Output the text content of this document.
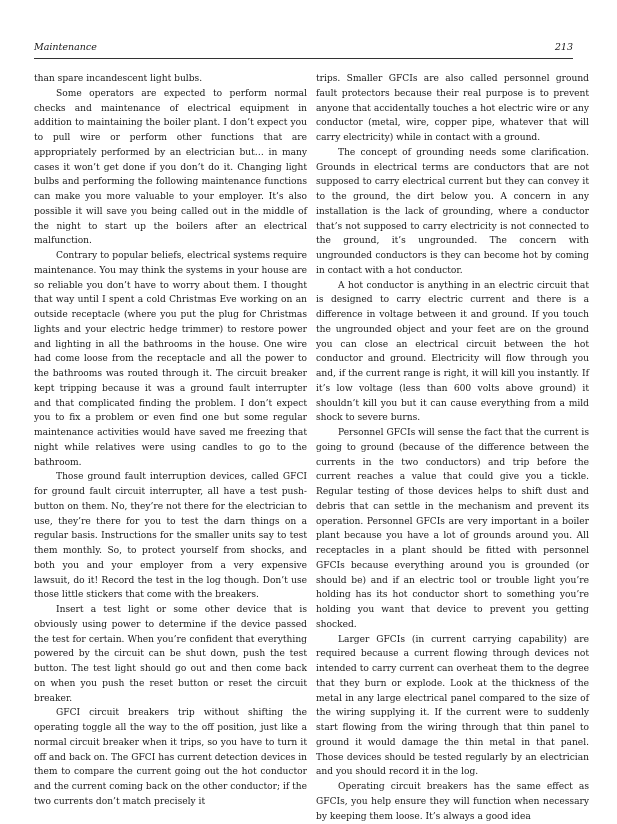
Maintenance	213

than spare incandescent light bulbs.

Some operators are expected to perform normal checks and maintenance of electrical equipment in addition to maintaining the boiler plant. I don’t expect you to pull wire or perform other functions that are appropriately performed by an electrician but… in many cases it won’t get done if you don’t do it. Changing light bulbs and performing the following maintenance functions can make you more valuable to your employer. It’s also possible it will save you being called out in the middle of the night to start up the boilers after an electrical malfunction.

Contrary to popular beliefs, electrical systems require maintenance. You may think the systems in your house are so reliable you don’t have to worry about them. I thought that way until I spent a cold Christmas Eve working on an outside receptacle (where you put the plug for Christmas lights and your electric hedge trimmer) to restore power and lighting in all the bathrooms in the house. One wire had come loose from the receptacle and all the power to the bathrooms was routed through it. The circuit breaker kept tripping because it was a ground fault interrupter and that complicated finding the problem. I don’t expect you to fix a problem or even find one but some regular maintenance activities would have saved me freezing that night while relatives were using candles to go to the bathroom.

Those ground fault interruption devices, called GFCI for ground fault circuit interrupter, all have a test push-button on them. No, they’re not there for the electrician to use, they’re there for you to test the darn things on a regular basis. Instructions for the smaller units say to test them monthly. So, to protect yourself from shocks, and both you and your employer from a very expensive lawsuit, do it! Record the test in the log though. Don’t use those little stickers that come with the breakers.

Insert a test light or some other device that is obviously using power to determine if the device passed the test for certain. When you’re confident that everything powered by the circuit can be shut down, push the test button. The test light should go out and then come back on when you push the reset button or reset the circuit breaker.

GFCI circuit breakers trip without shifting the operating toggle all the way to the off position, just like a normal circuit breaker when it trips, so you have to turn it off and back on. The GFCI has current detection devices in them to compare the current going out the hot conductor and the current coming back on the other conductor; if the two currents don’t match precisely it

trips. Smaller GFCIs are also called personnel ground fault protectors because their real purpose is to prevent anyone that accidentally touches a hot electric wire or any conductor (metal, wire, copper pipe, whatever that will carry electricity) while in contact with a ground.

The concept of grounding needs some clarification. Grounds in electrical terms are conductors that are not supposed to carry electrical current but they can convey it to the ground, the dirt below you. A concern in any installation is the lack of grounding, where a conductor that’s not supposed to carry electricity is not connected to the ground, it’s ungrounded. The concern with ungrounded conductors is they can become hot by coming in contact with a hot conductor.

A hot conductor is anything in an electric circuit that is designed to carry electric current and there is a difference in voltage between it and ground. If you touch the ungrounded object and your feet are on the ground you can close an electrical circuit between the hot conductor and ground. Electricity will flow through you and, if the current range is right, it will kill you instantly. If it’s low voltage (less than 600 volts above ground) it shouldn’t kill you but it can cause everything from a mild shock to severe burns.

Personnel GFCIs will sense the fact that the current is going to ground (because of the difference between the currents in the two conductors) and trip before the current reaches a value that could give you a tickle. Regular testing of those devices helps to shift dust and debris that can settle in the mechanism and prevent its operation. Personnel GFCIs are very important in a boiler plant because you have a lot of grounds around you. All receptacles in a plant should be fitted with personnel GFCIs because everything around you is grounded (or should be) and if an electric tool or trouble light you’re holding has its hot conductor short to something you’re holding you want that device to prevent you getting shocked.

Larger GFCIs (in current carrying capability) are required because a current flowing through devices not intended to carry current can overheat them to the degree that they burn or explode. Look at the thickness of the metal in any large electrical panel compared to the size of the wiring supplying it. If the current were to suddenly start flowing from the wiring through that thin panel to ground it would damage the thin metal in that panel. Those devices should be tested regularly by an electrician and you should record it in the log.

Operating circuit breakers has the same effect as GFCIs, you help ensure they will function when necessary by keeping them loose. It’s always a good idea
